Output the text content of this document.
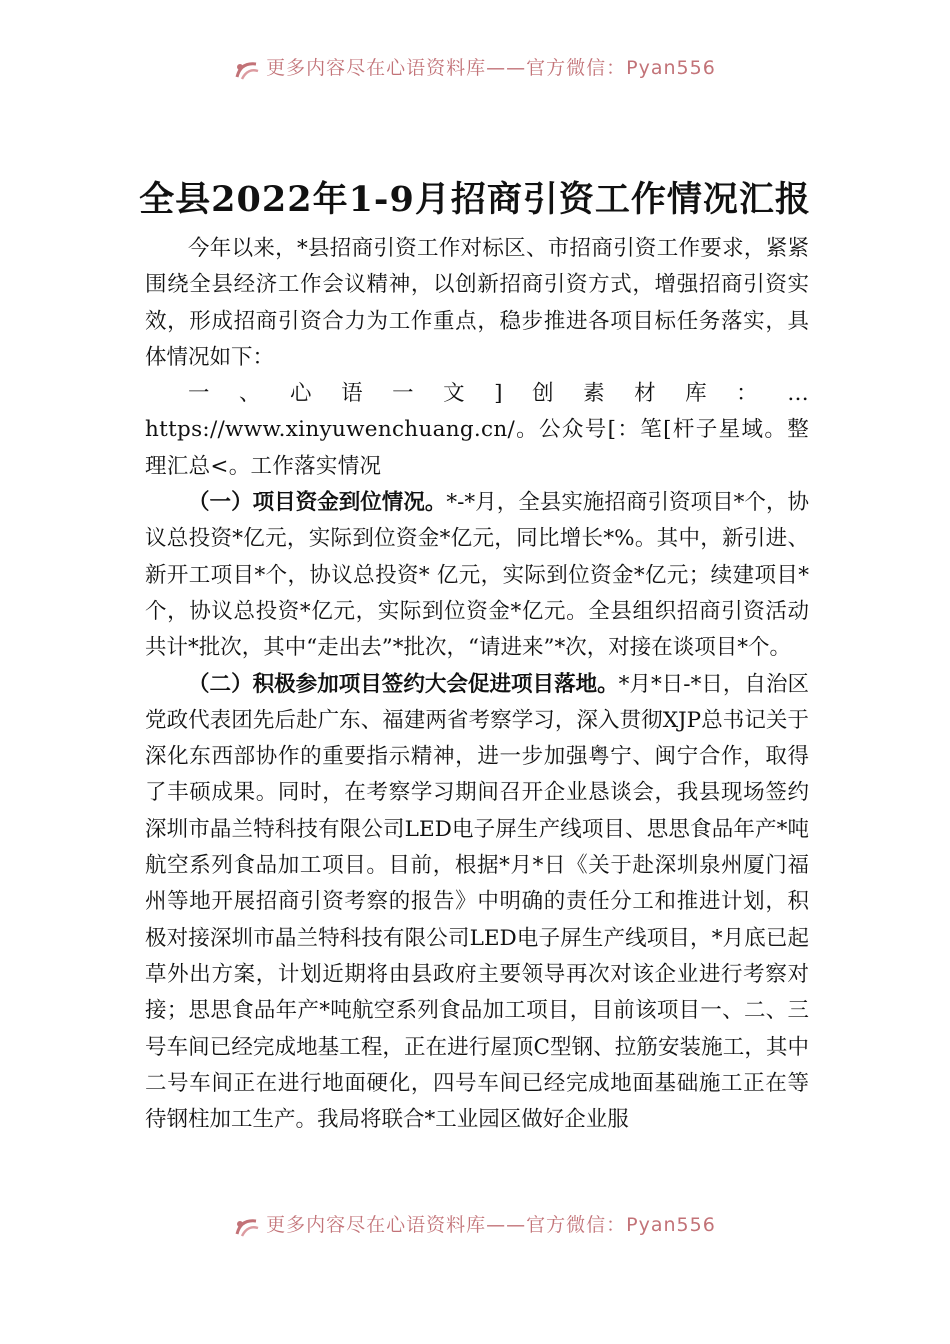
更多内容尽在心语资料库——官方微信：Pyan556
全县2022年1-9月招商引资工作情况汇报

今年以来，*县招商引资工作对标区、市招商引资工作要求，紧紧围绕全县经济工作会议精神，以创新招商引资方式，增强招商引资实效，形成招商引资合力为工作重点，稳步推进各项目标任务落实，具体情况如下：

一、心语一文]创素材库：…https://www.xinyuwenchuang.cn/。公众号[：笔[杆子星域。整理汇总<。工作落实情况

（一）项目资金到位情况。*-*月，全县实施招商引资项目*个，协议总投资*亿元，实际到位资金*亿元，同比增长*%。其中，新引进、新开工项目*个，协议总投资* 亿元，实际到位资金*亿元；续建项目*个，协议总投资*亿元，实际到位资金*亿元。全县组织招商引资活动共计*批次，其中“走出去”*批次，“请进来”*次，对接在谈项目*个。

（二）积极参加项目签约大会促进项目落地。*月*日-*日，自治区党政代表团先后赴广东、福建两省考察学习，深入贯彻XJP总书记关于深化东西部协作的重要指示精神，进一步加强粤宁、闽宁合作，取得了丰硕成果。同时，在考察学习期间召开企业恳谈会，我县现场签约深圳市晶兰特科技有限公司LED电子屏生产线项目、思思食品年产*吨航空系列食品加工项目。目前，根据*月*日《关于赴深圳泉州厦门福州等地开展招商引资考察的报告》中明确的责任分工和推进计划，积极对接深圳市晶兰特科技有限公司LED电子屏生产线项目，*月底已起草外出方案，计划近期将由县政府主要领导再次对该企业进行考察对接；思思食品年产*吨航空系列食品加工项目，目前该项目一、二、三号车间已经完成地基工程，正在进行屋顶C型钢、拉筋安装施工，其中二号车间正在进行地面硬化，四号车间已经完成地面基础施工正在等待钢柱加工生产。我局将联合*工业园区做好企业服

更多内容尽在心语资料库——官方微信：Pyan556
